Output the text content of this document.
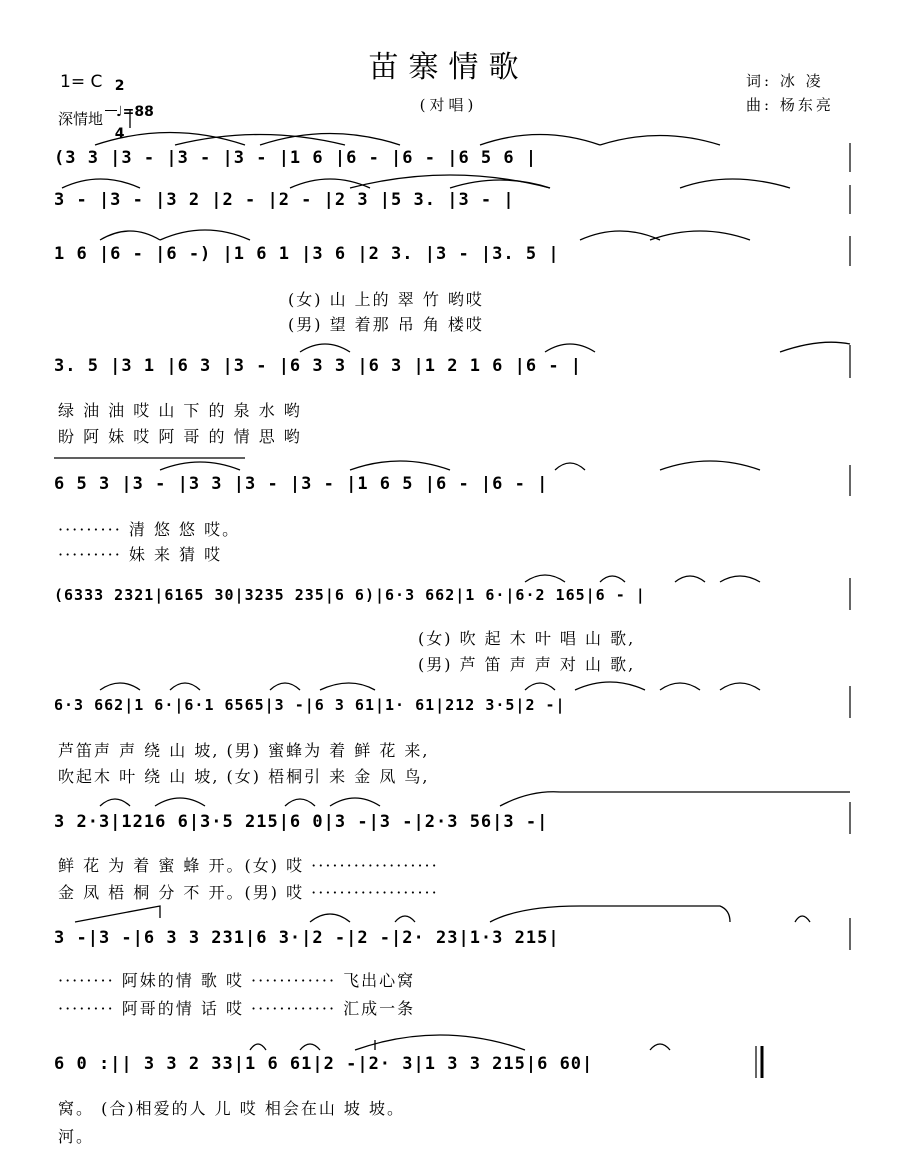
苗寨情歌
(对唱)
词: 冰 凌
曲: 杨东亮
1= C 2

4

深情地 ♩=88
(3 3 |3 - |3 - |3 - |1 6 |6 - |6 - |6 5 6 |
3 - |3 - |3 2 |2 - |2 - |2 3 |5 3. |3 - |
1 6 |6 - |6 -) |1 6 1 |3 6 |2 3. |3 - |3. 5 |
3. 5 |3 1 |6 3 |3 - |6 3 3 |6 3 |1 2 1 6 |6 - |
6 5 3 |3 - |3 3 |3 - |3 - |1 6 5 |6 - |6 - |
(6333 2321|6165 30|3235 235|6 6)|6·3 662|1 6·|6·2 165|6 - |
6·3 662|1 6·|6·1 6565|3 -|6 3 61|1· 61|212 3·5|2 -|
3 2·3|1216 6|3·5 215|6 0|3 -|3 -|2·3 56|3 -|
3 -|3 -|6 3 3 231|6 3·|2 -|2 -|2· 23|1·3 215|
6 0 :|| 3 3 2 33|1 6 61|2 -|2· 3|1 3 3 215|6 60|
(女) 山 上的 翠 竹 哟哎
(男) 望 着那 吊 角 楼哎
绿 油 油 哎 山 下 的 泉 水 哟
盼 阿 妹 哎 阿 哥 的 情 思 哟
········· 清 悠 悠 哎。
········· 妹 来 猜 哎
(女) 吹 起 木 叶 唱 山 歌,
(男) 芦 笛 声 声 对 山 歌,
芦笛声 声 绕 山 坡, (男) 蜜蜂为 着 鲜 花 来,
吹起木 叶 绕 山 坡, (女) 梧桐引 来 金 凤 鸟,
鲜 花 为 着 蜜 蜂 开。(女) 哎 ··················
金 凤 梧 桐 分 不 开。(男) 哎 ··················
········ 阿妹的情 歌 哎 ············ 飞出心窝
········ 阿哥的情 话 哎 ············ 汇成一条
窝。 (合)相爱的人 儿 哎 相会在山 坡 坡。
河。
